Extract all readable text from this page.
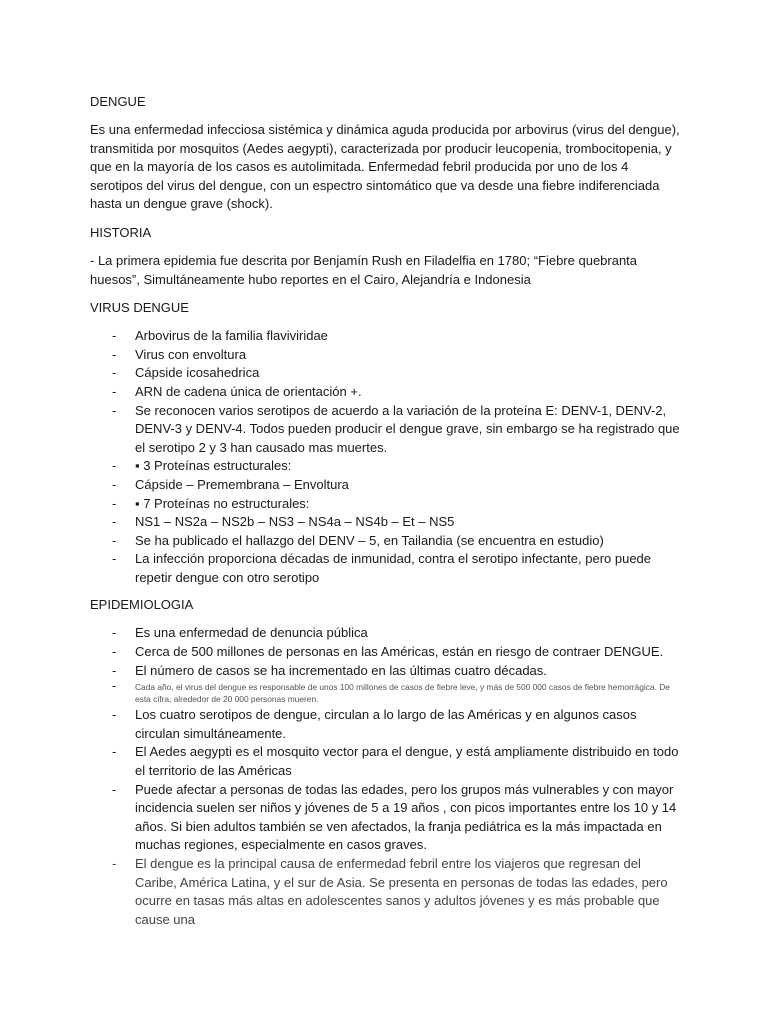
DENGUE

Es una enfermedad infecciosa sistémica y dinámica aguda producida por arbovirus (virus del dengue), transmitida por mosquitos (Aedes aegypti), caracterizada por producir leucopenia, trombocitopenia, y que en la mayoría de los casos es autolimitada. Enfermedad febril producida por uno de los 4 serotipos del virus del dengue, con un espectro sintomático que va desde una fiebre indiferenciada hasta un dengue grave (shock).

HISTORIA

- La primera epidemia fue descrita por Benjamín Rush en Filadelfia en 1780; “Fiebre quebranta huesos”, Simultáneamente hubo reportes en el Cairo, Alejandría e Indonesia

VIRUS DENGUE
- Arbovirus de la familia flaviviridae
- Virus con envoltura
- Cápside icosahedrica
- ARN de cadena única de orientación +.
- Se reconocen varios serotipos de acuerdo a la variación de la proteína E: DENV-1, DENV-2, DENV-3 y DENV-4. Todos pueden producir el dengue grave, sin embargo se ha registrado que el serotipo 2 y 3 han causado mas muertes.
- ▪ 3 Proteínas estructurales:
- Cápside – Premembrana – Envoltura
- ▪ 7 Proteínas no estructurales:
- NS1 – NS2a – NS2b – NS3 – NS4a – NS4b – Et – NS5
- Se ha publicado el hallazgo del DENV – 5, en Tailandia (se encuentra en estudio)
- La infección proporciona décadas de inmunidad, contra el serotipo infectante, pero puede repetir dengue con otro serotipo
EPIDEMIOLOGIA
- Es una enfermedad de denuncia pública
- Cerca de 500 millones de personas en las Américas, están en riesgo de contraer DENGUE.
- El número de casos se ha incrementado en las últimas cuatro décadas.
- Cada año, el virus del dengue es responsable de unos 100 millones de casos de fiebre leve, y más de 500 000 casos de fiebre hemorrágica. De esta cifra, alrededor de 20 000 personas mueren.
- Los cuatro serotipos de dengue, circulan a lo largo de las Américas y en algunos casos circulan simultáneamente.
- El Aedes aegypti es el mosquito vector para el dengue, y está ampliamente distribuido en todo el territorio de las Américas
- Puede afectar a personas de todas las edades, pero los grupos más vulnerables y con mayor incidencia suelen ser niños y jóvenes de 5 a 19 años , con picos importantes entre los 10 y 14 años. Si bien adultos también se ven afectados, la franja pediátrica es la más impactada en muchas regiones, especialmente en casos graves.
- El dengue es la principal causa de enfermedad febril entre los viajeros que regresan del Caribe, América Latina, y el sur de Asia. Se presenta en personas de todas las edades, pero ocurre en tasas más altas en adolescentes sanos y adultos jóvenes y es más probable que cause una
